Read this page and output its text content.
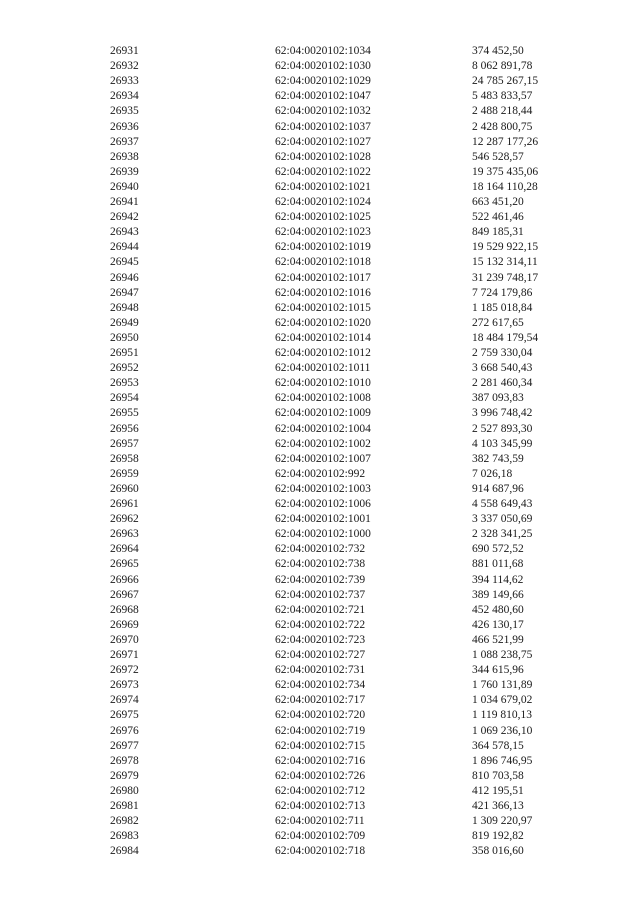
26931	62:04:0020102:1034	374 452,50
26932	62:04:0020102:1030	8 062 891,78
26933	62:04:0020102:1029	24 785 267,15
26934	62:04:0020102:1047	5 483 833,57
26935	62:04:0020102:1032	2 488 218,44
26936	62:04:0020102:1037	2 428 800,75
26937	62:04:0020102:1027	12 287 177,26
26938	62:04:0020102:1028	546 528,57
26939	62:04:0020102:1022	19 375 435,06
26940	62:04:0020102:1021	18 164 110,28
26941	62:04:0020102:1024	663 451,20
26942	62:04:0020102:1025	522 461,46
26943	62:04:0020102:1023	849 185,31
26944	62:04:0020102:1019	19 529 922,15
26945	62:04:0020102:1018	15 132 314,11
26946	62:04:0020102:1017	31 239 748,17
26947	62:04:0020102:1016	7 724 179,86
26948	62:04:0020102:1015	1 185 018,84
26949	62:04:0020102:1020	272 617,65
26950	62:04:0020102:1014	18 484 179,54
26951	62:04:0020102:1012	2 759 330,04
26952	62:04:0020102:1011	3 668 540,43
26953	62:04:0020102:1010	2 281 460,34
26954	62:04:0020102:1008	387 093,83
26955	62:04:0020102:1009	3 996 748,42
26956	62:04:0020102:1004	2 527 893,30
26957	62:04:0020102:1002	4 103 345,99
26958	62:04:0020102:1007	382 743,59
26959	62:04:0020102:992	7 026,18
26960	62:04:0020102:1003	914 687,96
26961	62:04:0020102:1006	4 558 649,43
26962	62:04:0020102:1001	3 337 050,69
26963	62:04:0020102:1000	2 328 341,25
26964	62:04:0020102:732	690 572,52
26965	62:04:0020102:738	881 011,68
26966	62:04:0020102:739	394 114,62
26967	62:04:0020102:737	389 149,66
26968	62:04:0020102:721	452 480,60
26969	62:04:0020102:722	426 130,17
26970	62:04:0020102:723	466 521,99
26971	62:04:0020102:727	1 088 238,75
26972	62:04:0020102:731	344 615,96
26973	62:04:0020102:734	1 760 131,89
26974	62:04:0020102:717	1 034 679,02
26975	62:04:0020102:720	1 119 810,13
26976	62:04:0020102:719	1 069 236,10
26977	62:04:0020102:715	364 578,15
26978	62:04:0020102:716	1 896 746,95
26979	62:04:0020102:726	810 703,58
26980	62:04:0020102:712	412 195,51
26981	62:04:0020102:713	421 366,13
26982	62:04:0020102:711	1 309 220,97
26983	62:04:0020102:709	819 192,82
26984	62:04:0020102:718	358 016,60
